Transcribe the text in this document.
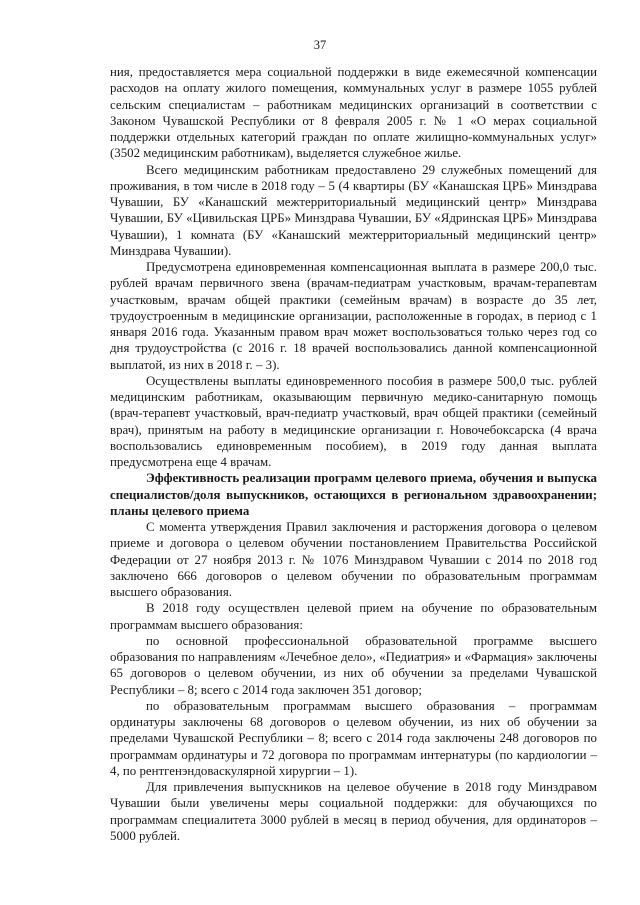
37

ния, предоставляется мера социальной поддержки в виде ежемесячной компенсации расходов на оплату жилого помещения, коммунальных услуг в размере 1055 рублей сельским специалистам – работникам медицинских организаций в соответствии с Законом Чувашской Республики от 8 февраля 2005 г. № 1 «О мерах социальной поддержки отдельных категорий граждан по оплате жилищно-коммунальных услуг» (3502 медицинским работникам), выделяется служебное жилье.

Всего медицинским работникам предоставлено 29 служебных помещений для проживания, в том числе в 2018 году – 5 (4 квартиры (БУ «Канашская ЦРБ» Минздрава Чувашии, БУ «Канашский межтерриториальный медицинский центр» Минздрава Чувашии, БУ «Цивильская ЦРБ» Минздрава Чувашии, БУ «Ядринская ЦРБ» Минздрава Чувашии), 1 комната (БУ «Канашский межтерриториальный медицинский центр» Минздрава Чувашии).

Предусмотрена единовременная компенсационная выплата в размере 200,0 тыс. рублей врачам первичного звена (врачам-педиатрам участковым, врачам-терапевтам участковым, врачам общей практики (семейным врачам) в возрасте до 35 лет, трудоустроенным в медицинские организации, расположенные в городах, в период с 1 января 2016 года. Указанным правом врач может воспользоваться только через год со дня трудоустройства (с 2016 г. 18 врачей воспользовались данной компенсационной выплатой, из них в 2018 г. – 3).

Осуществлены выплаты единовременного пособия в размере 500,0 тыс. рублей медицинским работникам, оказывающим первичную медико-санитарную помощь (врач-терапевт участковый, врач-педиатр участковый, врач общей практики (семейный врач), принятым на работу в медицинские организации г. Новочебоксарска (4 врача воспользовались единовременным пособием), в 2019 году данная выплата предусмотрена еще 4 врачам.

Эффективность реализации программ целевого приема, обучения и выпуска специалистов/доля выпускников, остающихся в региональном здравоохранении; планы целевого приема

С момента утверждения Правил заключения и расторжения договора о целевом приеме и договора о целевом обучении постановлением Правительства Российской Федерации от 27 ноября 2013 г. № 1076 Минздравом Чувашии с 2014 по 2018 год заключено 666 договоров о целевом обучении по образовательным программам высшего образования.

В 2018 году осуществлен целевой прием на обучение по образовательным программам высшего образования:

по основной профессиональной образовательной программе высшего образования по направлениям «Лечебное дело», «Педиатрия» и «Фармация» заключены 65 договоров о целевом обучении, из них об обучении за пределами Чувашской Республики – 8; всего с 2014 года заключен 351 договор;

по образовательным программам высшего образования – программам ординатуры заключены 68 договоров о целевом обучении, из них об обучении за пределами Чувашской Республики – 8; всего с 2014 года заключены 248 договоров по программам ординатуры и 72 договора по программам интернатуры (по кардиологии – 4, по рентгенэндоваскулярной хирургии – 1).

Для привлечения выпускников на целевое обучение в 2018 году Минздравом Чувашии были увеличены меры социальной поддержки: для обучающихся по программам специалитета 3000 рублей в месяц в период обучения, для ординаторов – 5000 рублей.
